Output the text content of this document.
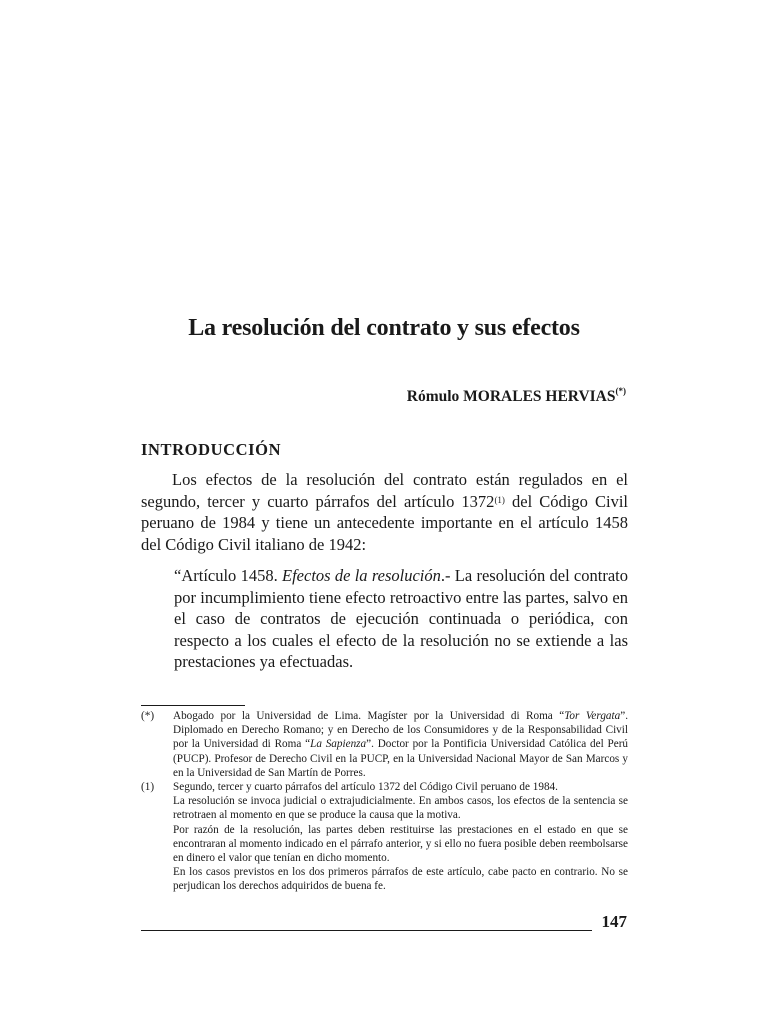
La resolución del contrato y sus efectos
Rómulo MORALES HERVIAS(*)
INTRODUCCIÓN

Los efectos de la resolución del contrato están regulados en el segundo, tercer y cuarto párrafos del artículo 1372$^{(1)}$ del Código Civil peruano de 1984 y tiene un antecedente importante en el artículo 1458 del Código Civil italiano de 1942:

“Artículo 1458. Efectos de la resolución.- La resolución del contrato por incumplimiento tiene efecto retroactivo entre las partes, salvo en el caso de contratos de ejecución continuada o periódica, con respecto a los cuales el efecto de la resolución no se extiende a las prestaciones ya efectuadas.

(*)	Abogado por la Universidad de Lima. Magíster por la Universidad di Roma “Tor Vergata”. Diplomado en Derecho Romano; y en Derecho de los Consumidores y de la Responsabilidad Civil por la Universidad di Roma “La Sapienza”. Doctor por la Pontificia Universidad Católica del Perú (PUCP). Profesor de Derecho Civil en la PUCP, en la Universidad Nacional Mayor de San Marcos y en la Universidad de San Martín de Porres.

(1)	Segundo, tercer y cuarto párrafos del artículo 1372 del Código Civil peruano de 1984.

La resolución se invoca judicial o extrajudicialmente. En ambos casos, los efectos de la sentencia se retrotraen al momento en que se produce la causa que la motiva.

Por razón de la resolución, las partes deben restituirse las prestaciones en el estado en que se encontraran al momento indicado en el párrafo anterior, y si ello no fuera posible deben reembolsarse en dinero el valor que tenían en dicho momento.

En los casos previstos en los dos primeros párrafos de este artículo, cabe pacto en contrario. No se perjudican los derechos adquiridos de buena fe.

147
